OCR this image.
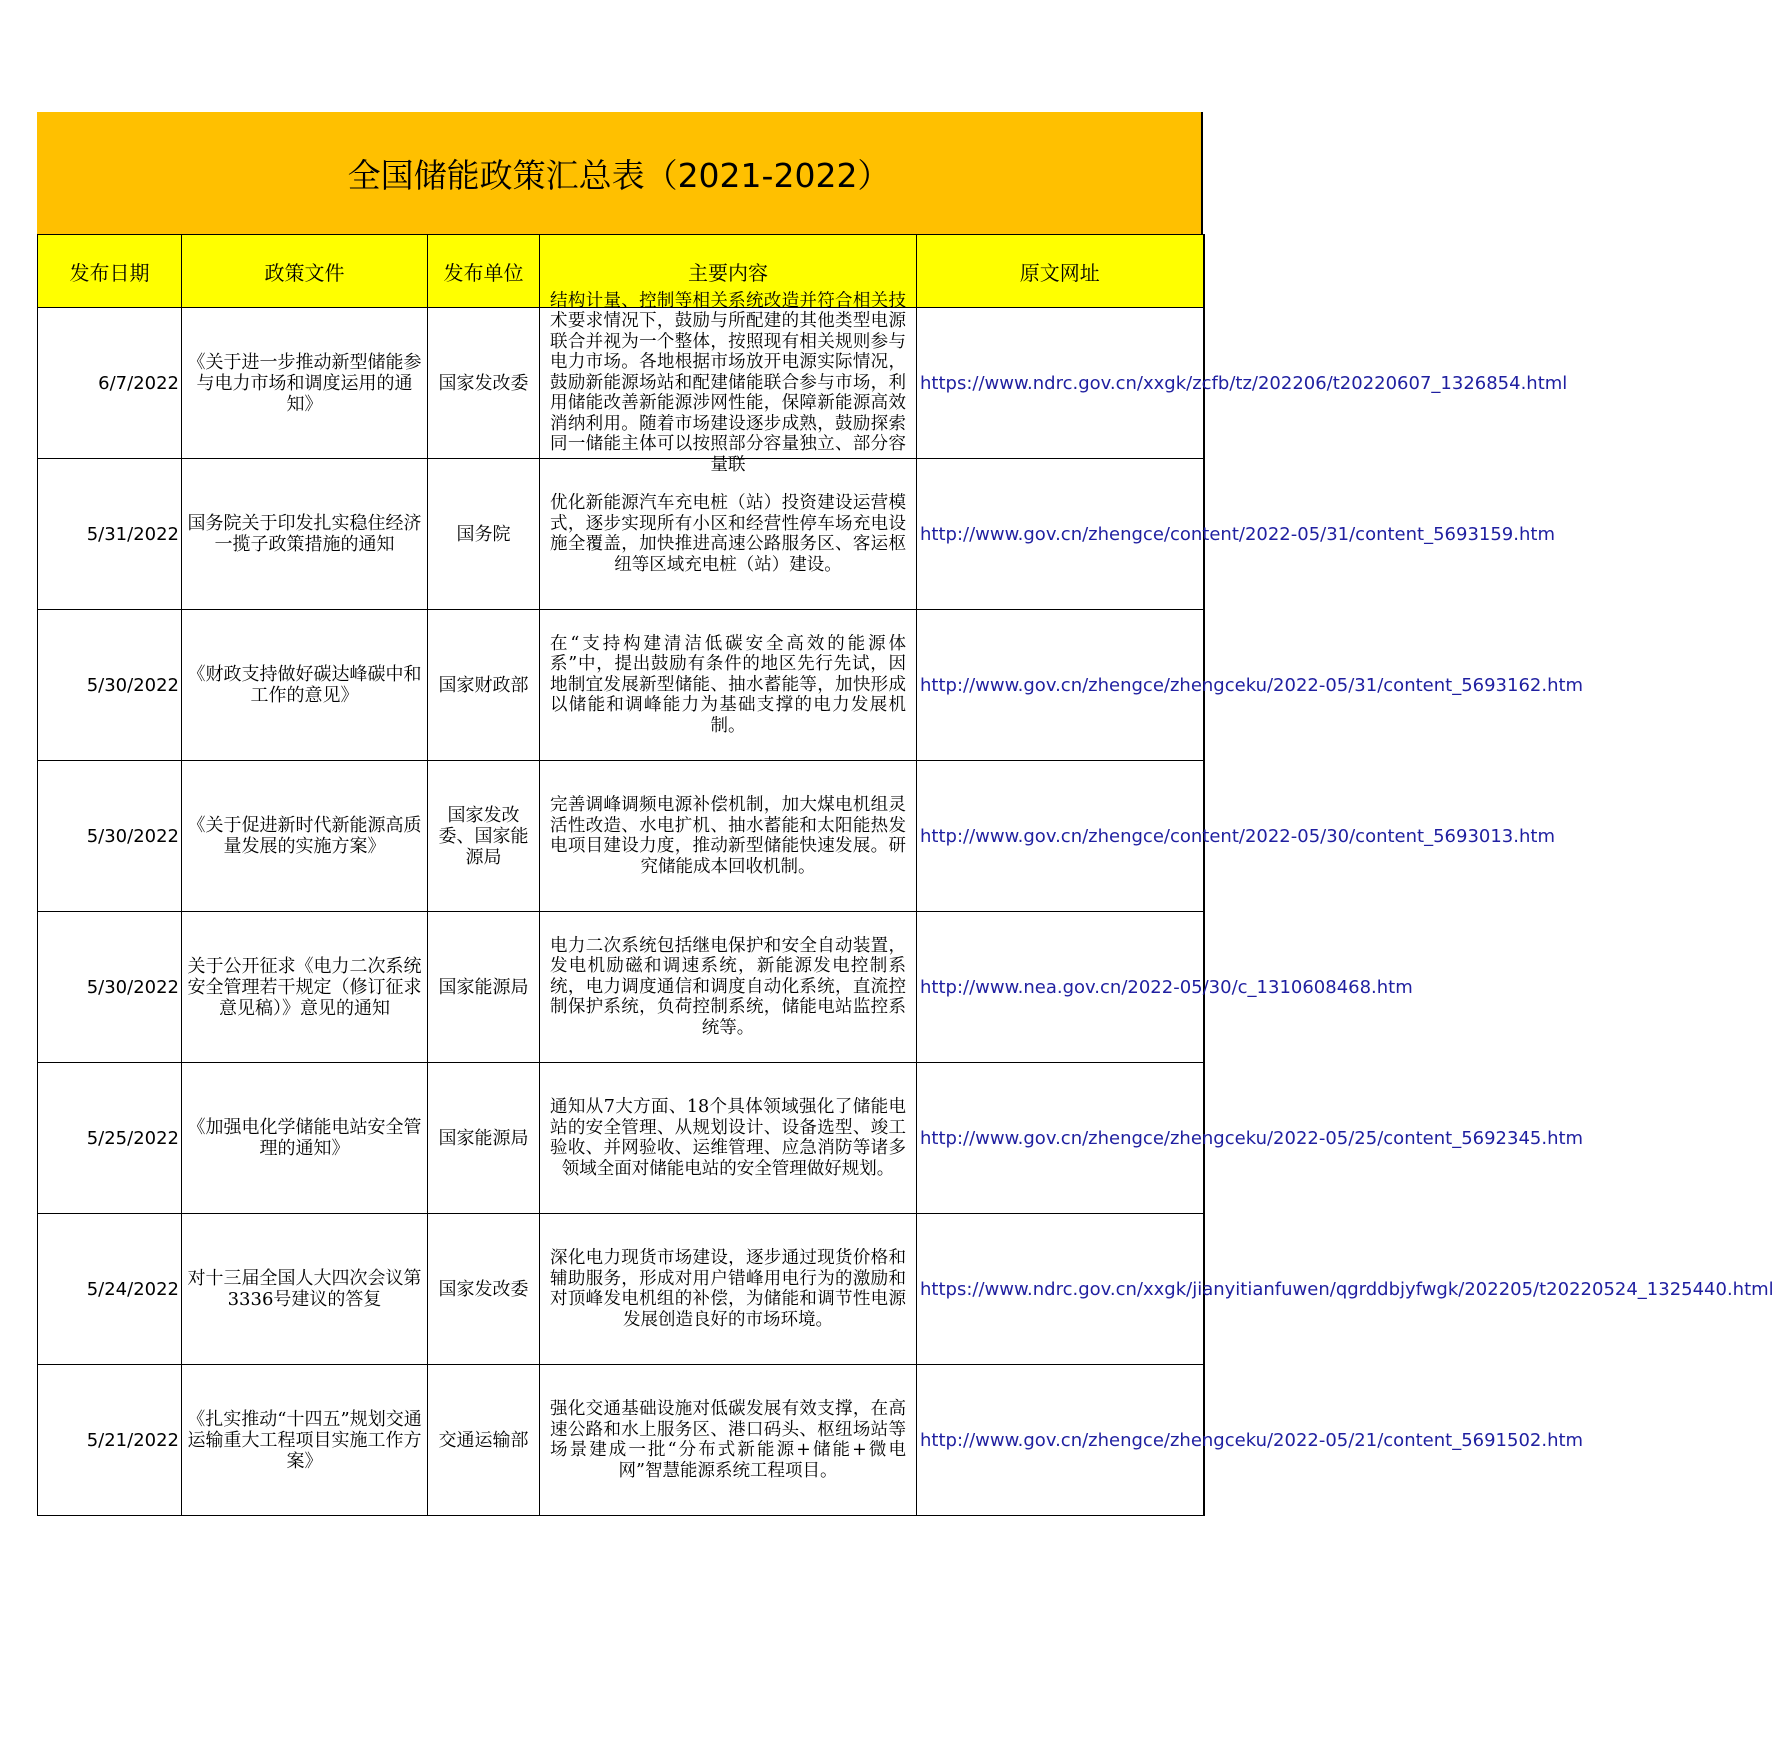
全国储能政策汇总表（2021-2022）
发布日期	政策文件	发布单位	主要内容	原文网址
6/7/2022	《关于进一步推动新型储能参与电力市场和调度运用的通知》	国家发改委	结构计量、控制等相关系统改造并符合相关技术要求情况下，鼓励与所配建的其他类型电源联合并视为一个整体，按照现有相关规则参与电力市场。各地根据市场放开电源实际情况，鼓励新能源场站和配建储能联合参与市场，利用储能改善新能源涉网性能，保障新能源高效消纳利用。随着市场建设逐步成熟，鼓励探索同一储能主体可以按照部分容量独立、部分容量联	https://www.ndrc.gov.cn/xxgk/zcfb/tz/202206/t20220607_1326854.html
5/31/2022	国务院关于印发扎实稳住经济一揽子政策措施的通知	国务院	优化新能源汽车充电桩（站）投资建设运营模式，逐步实现所有小区和经营性停车场充电设施全覆盖，加快推进高速公路服务区、客运枢纽等区域充电桩（站）建设。	http://www.gov.cn/zhengce/content/2022-05/31/content_5693159.htm
5/30/2022	《财政支持做好碳达峰碳中和工作的意见》	国家财政部	在“支持构建清洁低碳安全高效的能源体系”中，提出鼓励有条件的地区先行先试，因地制宜发展新型储能、抽水蓄能等，加快形成以储能和调峰能力为基础支撑的电力发展机制。	http://www.gov.cn/zhengce/zhengceku/2022-05/31/content_5693162.htm
5/30/2022	《关于促进新时代新能源高质量发展的实施方案》	国家发改委、国家能源局	完善调峰调频电源补偿机制，加大煤电机组灵活性改造、水电扩机、抽水蓄能和太阳能热发电项目建设力度，推动新型储能快速发展。研究储能成本回收机制。	http://www.gov.cn/zhengce/content/2022-05/30/content_5693013.htm
5/30/2022	关于公开征求《电力二次系统安全管理若干规定（修订征求意见稿）》意见的通知	国家能源局	电力二次系统包括继电保护和安全自动装置，发电机励磁和调速系统，新能源发电控制系统，电力调度通信和调度自动化系统，直流控制保护系统，负荷控制系统，储能电站监控系统等。	http://www.nea.gov.cn/2022-05/30/c_1310608468.htm
5/25/2022	《加强电化学储能电站安全管理的通知》	国家能源局	通知从7大方面、18个具体领域强化了储能电站的安全管理、从规划设计、设备选型、竣工验收、并网验收、运维管理、应急消防等诸多领域全面对储能电站的安全管理做好规划。	http://www.gov.cn/zhengce/zhengceku/2022-05/25/content_5692345.htm
5/24/2022	对十三届全国人大四次会议第3336号建议的答复	国家发改委	深化电力现货市场建设，逐步通过现货价格和辅助服务，形成对用户错峰用电行为的激励和对顶峰发电机组的补偿，为储能和调节性电源发展创造良好的市场环境。	https://www.ndrc.gov.cn/xxgk/jianyitianfuwen/qgrddbjyfwgk/202205/t20220524_1325440.html
5/21/2022	《扎实推动“十四五”规划交通运输重大工程项目实施工作方案》	交通运输部	强化交通基础设施对低碳发展有效支撑，在高速公路和水上服务区、港口码头、枢纽场站等场景建成一批“分布式新能源+储能+微电网”智慧能源系统工程项目。	http://www.gov.cn/zhengce/zhengceku/2022-05/21/content_5691502.htm
